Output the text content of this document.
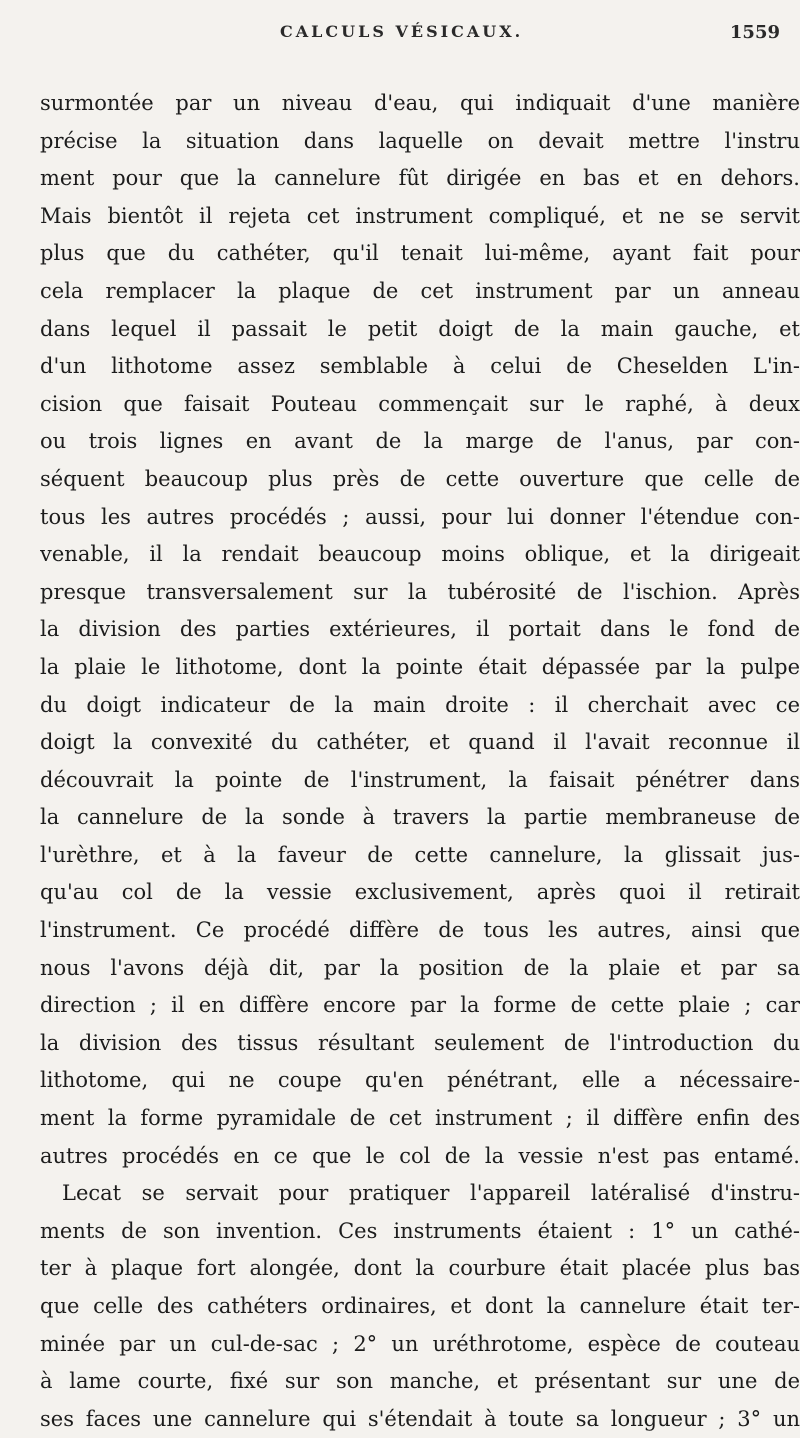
CALCULS VÉSICAUX.	1559
surmontée par un niveau d'eau, qui indiquait d'une manière
précise la situation dans laquelle on devait mettre l'instru
ment pour que la cannelure fût dirigée en bas et en dehors.
Mais bientôt il rejeta cet instrument compliqué, et ne se servit
plus que du cathéter, qu'il tenait lui-même, ayant fait pour
cela remplacer la plaque de cet instrument par un anneau
dans lequel il passait le petit doigt de la main gauche, et
d'un lithotome assez semblable à celui de Cheselden L'in-
cision que faisait Pouteau commençait sur le raphé, à deux
ou trois lignes en avant de la marge de l'anus, par con-
séquent beaucoup plus près de cette ouverture que celle de
tous les autres procédés ; aussi, pour lui donner l'étendue con-
venable, il la rendait beaucoup moins oblique, et la dirigeait
presque transversalement sur la tubérosité de l'ischion. Après
la division des parties extérieures, il portait dans le fond de
la plaie le lithotome, dont la pointe était dépassée par la pulpe
du doigt indicateur de la main droite : il cherchait avec ce
doigt la convexité du cathéter, et quand il l'avait reconnue il
découvrait la pointe de l'instrument, la faisait pénétrer dans
la cannelure de la sonde à travers la partie membraneuse de
l'urèthre, et à la faveur de cette cannelure, la glissait jus-
qu'au col de la vessie exclusivement, après quoi il retirait
l'instrument. Ce procédé diffère de tous les autres, ainsi que
nous l'avons déjà dit, par la position de la plaie et par sa
direction ; il en diffère encore par la forme de cette plaie ; car
la division des tissus résultant seulement de l'introduction du
lithotome, qui ne coupe qu'en pénétrant, elle a nécessaire-
ment la forme pyramidale de cet instrument ; il diffère enfin des
autres procédés en ce que le col de la vessie n'est pas entamé.
Lecat se servait pour pratiquer l'appareil latéralisé d'instru-
ments de son invention. Ces instruments étaient : 1° un cathé-
ter à plaque fort alongée, dont la courbure était placée plus bas
que celle des cathéters ordinaires, et dont la cannelure était ter-
minée par un cul-de-sac ; 2° un uréthrotome, espèce de couteau
à lame courte, fixé sur son manche, et présentant sur une de
ses faces une cannelure qui s'étendait à toute sa longueur ; 3° un
